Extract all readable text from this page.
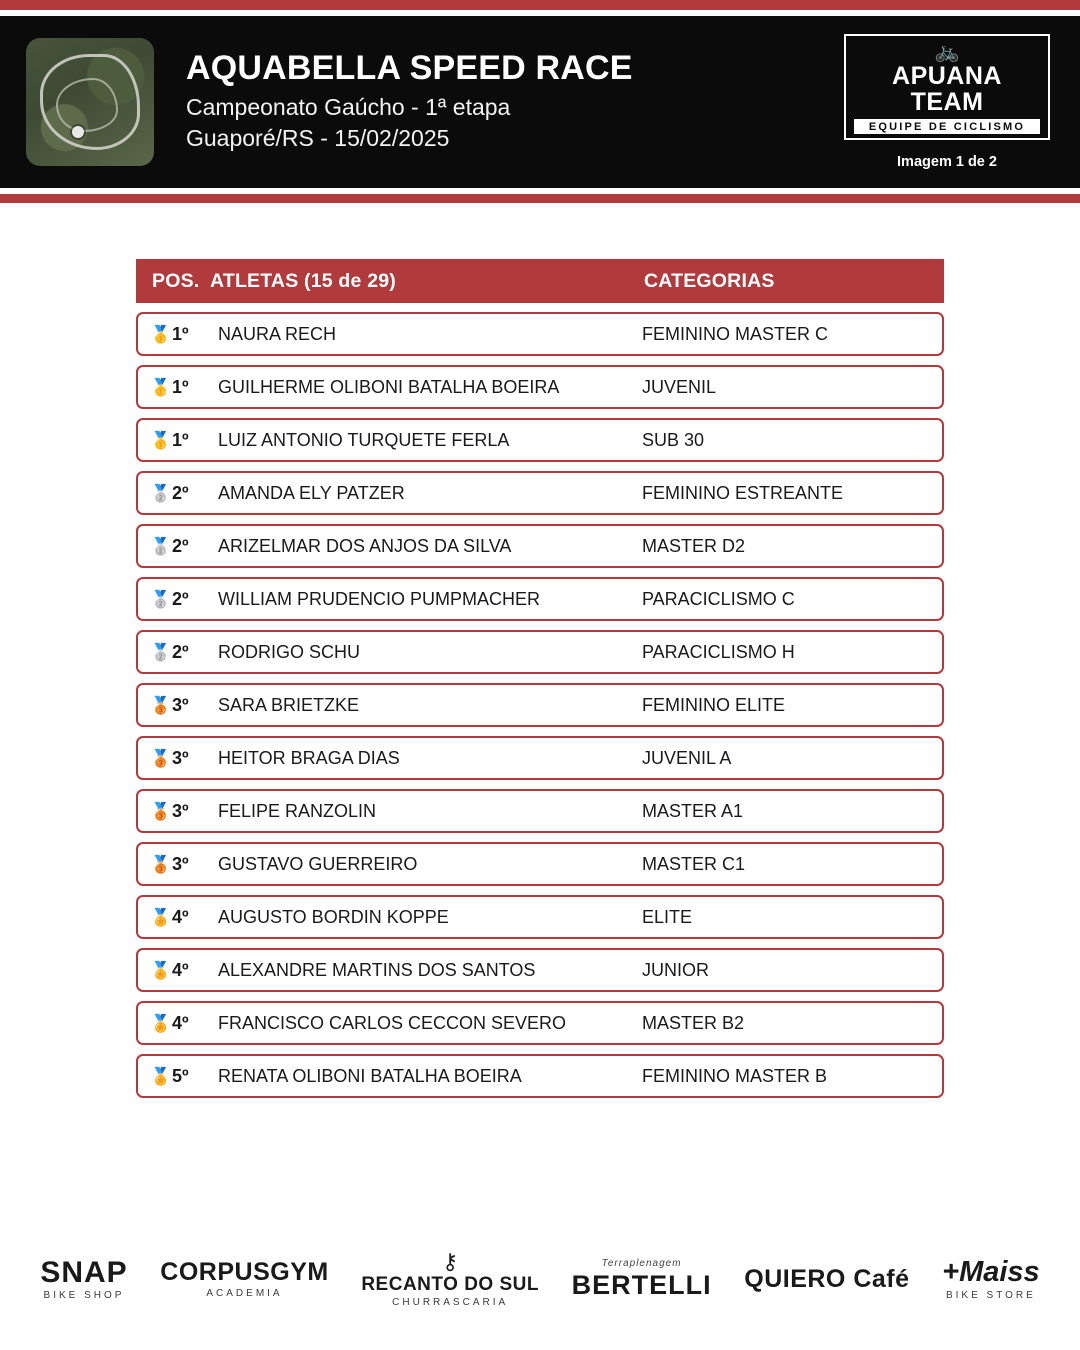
AQUABELLA SPEED RACE
Campeonato Gaúcho - 1ª etapa
Guaporé/RS - 15/02/2025
🚲
APUANA TEAM
EQUIPE DE CICLISMO
Imagem 1 de 2
POS. ATLETAS (15 de 29)	CATEGORIAS
🥇 1º	NAURA RECH	FEMININO MASTER C
🥇 1º	GUILHERME OLIBONI BATALHA BOEIRA	JUVENIL
🥇 1º	LUIZ ANTONIO TURQUETE FERLA	SUB 30
🥈 2º	AMANDA ELY PATZER	FEMININO ESTREANTE
🥈 2º	ARIZELMAR DOS ANJOS DA SILVA	MASTER D2
🥈 2º	WILLIAM PRUDENCIO PUMPMACHER	PARACICLISMO C
🥈 2º	RODRIGO SCHU	PARACICLISMO H
🥉 3º	SARA BRIETZKE	FEMININO ELITE
🥉 3º	HEITOR BRAGA DIAS	JUVENIL A
🥉 3º	FELIPE RANZOLIN	MASTER A1
🥉 3º	GUSTAVO GUERREIRO	MASTER C1
🏅 4º	AUGUSTO BORDIN KOPPE	ELITE
🏅 4º	ALEXANDRE MARTINS DOS SANTOS	JUNIOR
🏅 4º	FRANCISCO CARLOS CECCON SEVERO	MASTER B2
🏅 5º	RENATA OLIBONI BATALHA BOEIRA	FEMININO MASTER B
SNAP
BIKE SHOP
CORPUSGYM
ACADEMIA
⚷
RECANTO DO SUL
CHURRASCARIA
Terraplenagem
BERTELLI QUIERO Café +Maiss
BIKE STORE
